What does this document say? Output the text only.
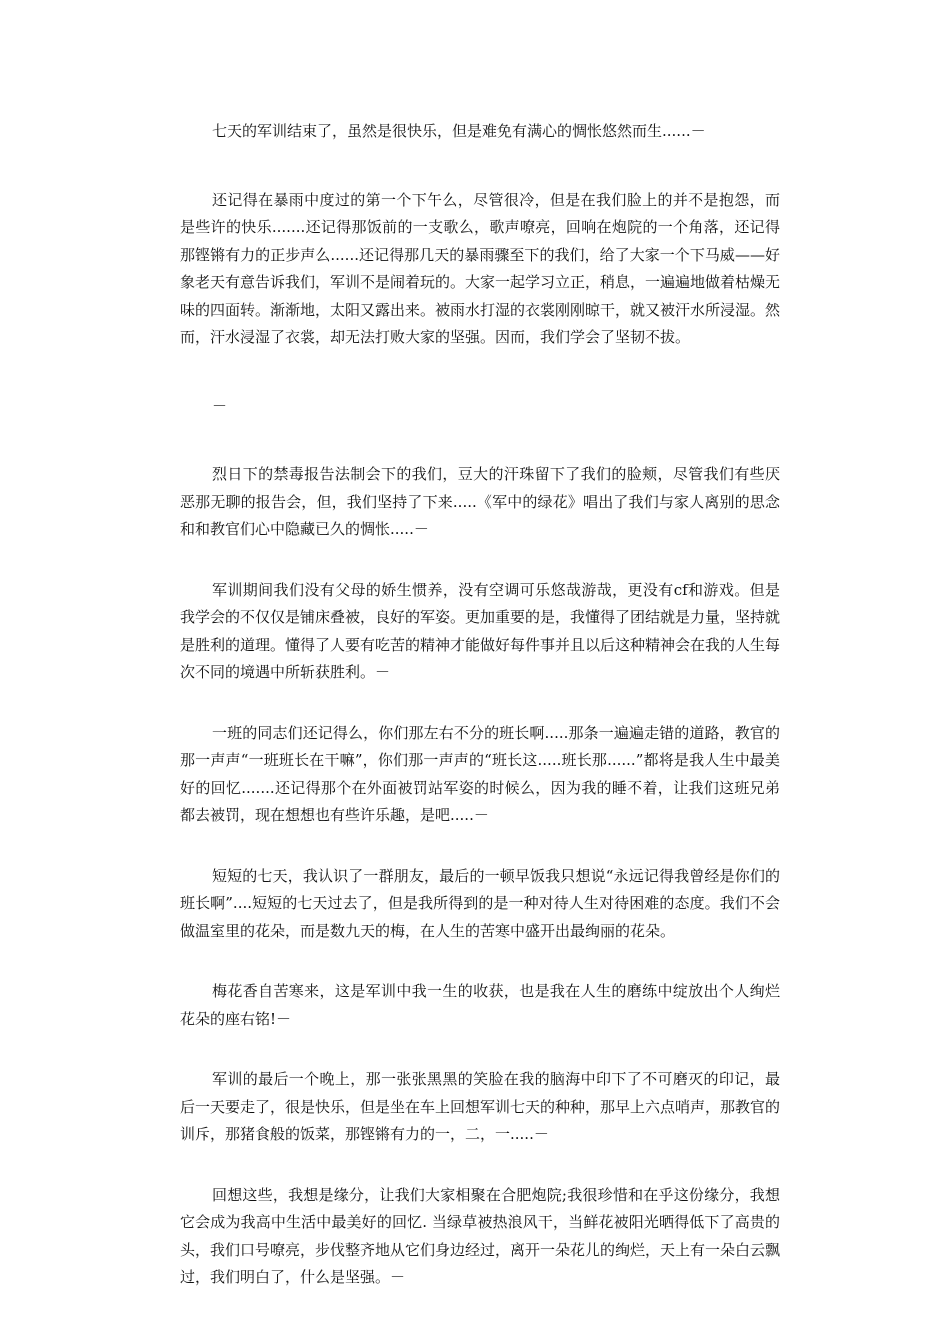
七天的军训结束了，虽然是很快乐，但是难免有满心的惆怅悠然而生......－

还记得在暴雨中度过的第一个下午么，尽管很冷，但是在我们脸上的并不是抱怨，而是些许的快乐.......还记得那饭前的一支歌么，歌声嘹亮，回响在炮院的一个角落，还记得那铿锵有力的正步声么......还记得那几天的暴雨骤至下的我们，给了大家一个下马威——好象老天有意告诉我们，军训不是闹着玩的。大家一起学习立正，稍息，一遍遍地做着枯燥无味的四面转。渐渐地，太阳又露出来。被雨水打湿的衣裳刚刚晾干，就又被汗水所浸湿。然而，汗水浸湿了衣裳，却无法打败大家的坚强。因而，我们学会了坚韧不拔。

－

烈日下的禁毒报告法制会下的我们，豆大的汗珠留下了我们的脸颊，尽管我们有些厌恶那无聊的报告会，但，我们坚持了下来.....《军中的绿花》唱出了我们与家人离别的思念和和教官们心中隐藏已久的惆怅.....－

军训期间我们没有父母的娇生惯养，没有空调可乐悠哉游哉，更没有cf和游戏。但是我学会的不仅仅是铺床叠被，良好的军姿。更加重要的是，我懂得了团结就是力量，坚持就是胜利的道理。懂得了人要有吃苦的精神才能做好每件事并且以后这种精神会在我的人生每次不同的境遇中所斩获胜利。－

一班的同志们还记得么，你们那左右不分的班长啊.....那条一遍遍走错的道路，教官的那一声声“一班班长在干嘛”，你们那一声声的“班长这.....班长那......”都将是我人生中最美好的回忆.......还记得那个在外面被罚站军姿的时候么，因为我的睡不着，让我们这班兄弟都去被罚，现在想想也有些许乐趣，是吧.....－

短短的七天，我认识了一群朋友，最后的一顿早饭我只想说“永远记得我曾经是你们的班长啊”....短短的七天过去了，但是我所得到的是一种对待人生对待困难的态度。我们不会做温室里的花朵，而是数九天的梅，在人生的苦寒中盛开出最绚丽的花朵。

梅花香自苦寒来，这是军训中我一生的收获，也是我在人生的磨练中绽放出个人绚烂花朵的座右铭!－

军训的最后一个晚上，那一张张黑黑的笑脸在我的脑海中印下了不可磨灭的印记，最后一天要走了，很是快乐，但是坐在车上回想军训七天的种种，那早上六点哨声，那教官的训斥，那猪食般的饭菜，那铿锵有力的一，二，一.....－

回想这些，我想是缘分，让我们大家相聚在合肥炮院;我很珍惜和在乎这份缘分，我想它会成为我高中生活中最美好的回忆. 当绿草被热浪风干，当鲜花被阳光晒得低下了高贵的头，我们口号嘹亮，步伐整齐地从它们身边经过，离开一朵花儿的绚烂，天上有一朵白云飘过，我们明白了，什么是坚强。－
